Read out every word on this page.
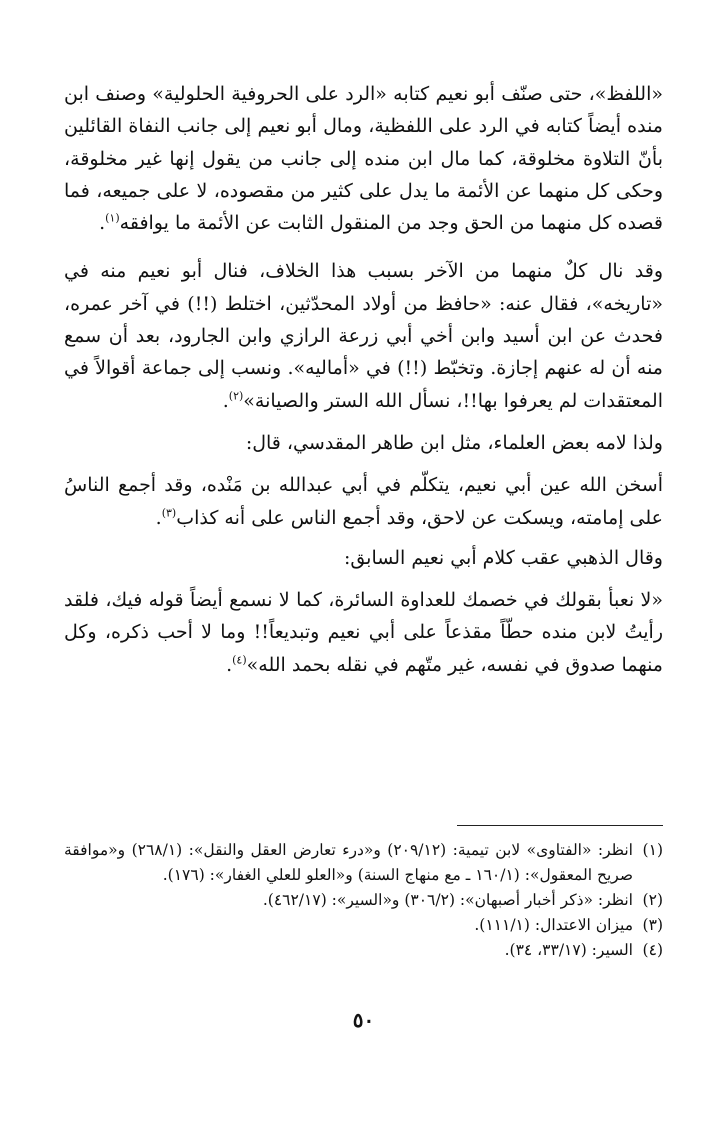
«اللفظ»، حتى صنّف أبو نعيم كتابه «الرد على الحروفية الحلولية» وصنف ابن منده أيضاً كتابه في الرد على اللفظية، ومال أبو نعيم إلى جانب النفاة القائلين بأنّ التلاوة مخلوقة، كما مال ابن منده إلى جانب من يقول إنها غير مخلوقة، وحكى كل منهما عن الأئمة ما يدل على كثير من مقصوده، لا على جميعه، فما قصده كل منهما من الحق وجد من المنقول الثابت عن الأئمة ما يوافقه$^{(١)}$.

وقد نال كلٌ منهما من الآخر بسبب هذا الخلاف، فنال أبو نعيم منه في «تاريخه»، فقال عنه: «حافظ من أولاد المحدّثين، اختلط (!!) في آخر عمره، فحدث عن ابن أسيد وابن أخي أبي زرعة الرازي وابن الجارود، بعد أن سمع منه أن له عنهم إجازة. وتخبّط (!!) في «أماليه». ونسب إلى جماعة أقوالاً في المعتقدات لم يعرفوا بها!!، نسأل الله الستر والصيانة»$^{(٢)}$.

ولذا لامه بعض العلماء، مثل ابن طاهر المقدسي، قال:

أسخن الله عين أبي نعيم، يتكلّم في أبي عبدالله بن مَنْده، وقد أجمع الناسُ على إمامته، ويسكت عن لاحق، وقد أجمع الناس على أنه كذاب$^{(٣)}$.

وقال الذهبي عقب كلام أبي نعيم السابق:

«لا نعبأ بقولك في خصمك للعداوة السائرة، كما لا نسمع أيضاً قوله فيك، فلقد رأيتُ لابن منده حطّاً مقذعاً على أبي نعيم وتبديعاً!! وما لا أحب ذكره، وكل منهما صدوق في نفسه، غير متّهم في نقله بحمد الله»$^{(٤)}$.

(١)
انظر: «الفتاوى» لابن تيمية: (٢٠٩/١٢) و«درء تعارض العقل والنقل»: (٢٦٨/١) و«موافقة صريح المعقول»: (١٦٠/١ ـ مع منهاج السنة) و«العلو للعلي الغفار»: (١٧٦).
(٢)
انظر: «ذكر أخبار أصبهان»: (٣٠٦/٢) و«السير»: (٤٦٢/١٧).
(٣)
ميزان الاعتدال: (١١١/١).
(٤)
السير: (٣٣/١٧، ٣٤).
٥٠
